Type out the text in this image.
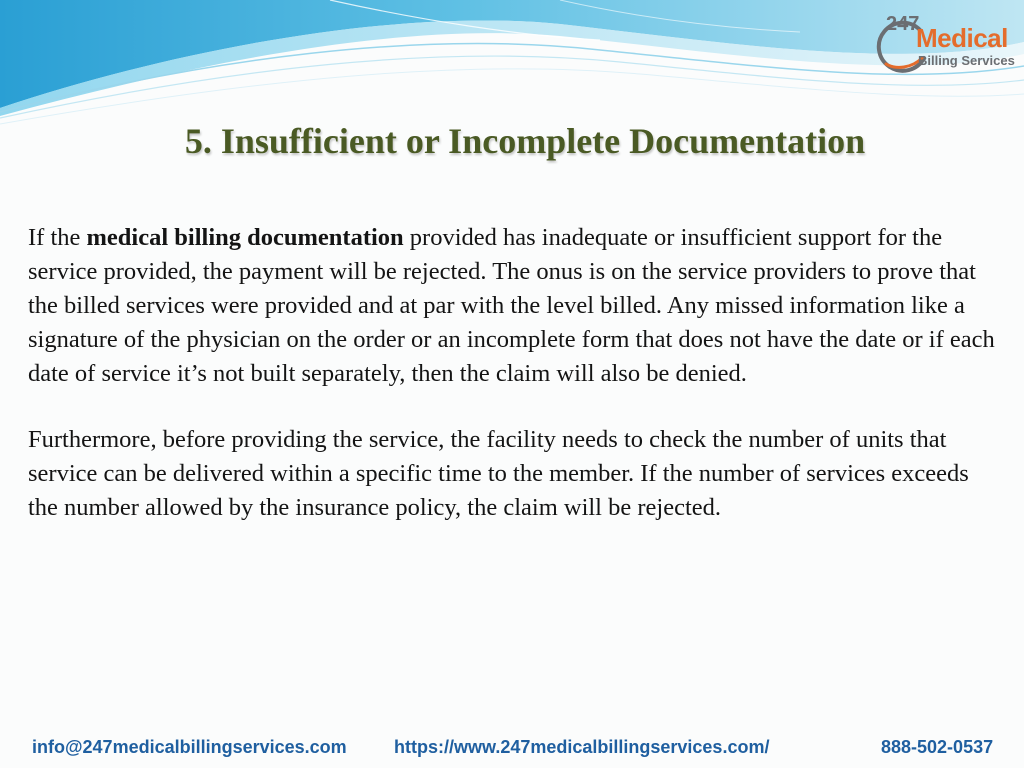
24​7
Medical
Billing Services
5. Insufficient or Incomplete Documentation

If the medical billing documentation provided has inadequate or insufficient support for the service provided, the payment will be rejected. The onus is on the service providers to prove that the billed services were provided and at par with the level billed. Any missed information like a signature of the physician on the order or an incomplete form that does not have the date or if each date of service it’s not built separately, then the claim will also be denied.

Furthermore, before providing the service, the facility needs to check the number of units that service can be delivered within a specific time to the member. If the number of services exceeds the number allowed by the insurance policy, the claim will be rejected.

info@247medicalbillingservices.com	https://www.247medicalbillingservices.com/	888-502-0537
